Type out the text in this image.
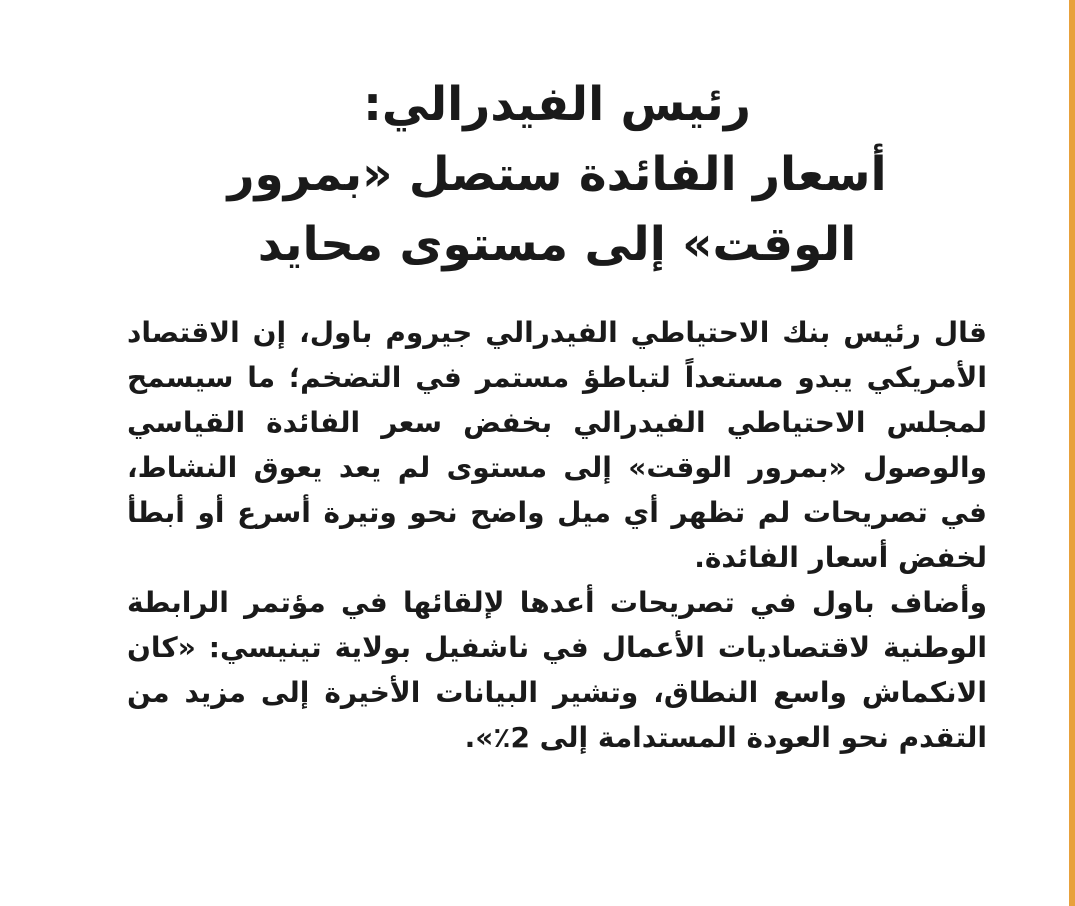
رئيس الفيدرالي:
أسعار الفائدة ستصل «بمرور
الوقت» إلى مستوى محايد

قال رئيس بنك الاحتياطي الفيدرالي جيروم باول، إن الاقتصاد الأمريكي يبدو مستعداً لتباطؤ مستمر في التضخم؛ ما سيسمح لمجلس الاحتياطي الفيدرالي بخفض سعر الفائدة القياسي والوصول «بمرور الوقت» إلى مستوى لم يعد يعوق النشاط، في تصريحات لم تظهر أي ميل واضح نحو وتيرة أسرع أو أبطأ لخفض أسعار الفائدة.

وأضاف باول في تصريحات أعدها لإلقائها في مؤتمر الرابطة الوطنية لاقتصاديات الأعمال في ناشفيل بولاية تينيسي: «كان الانكماش واسع النطاق، وتشير البيانات الأخيرة إلى مزيد من التقدم نحو العودة المستدامة إلى 2٪».
